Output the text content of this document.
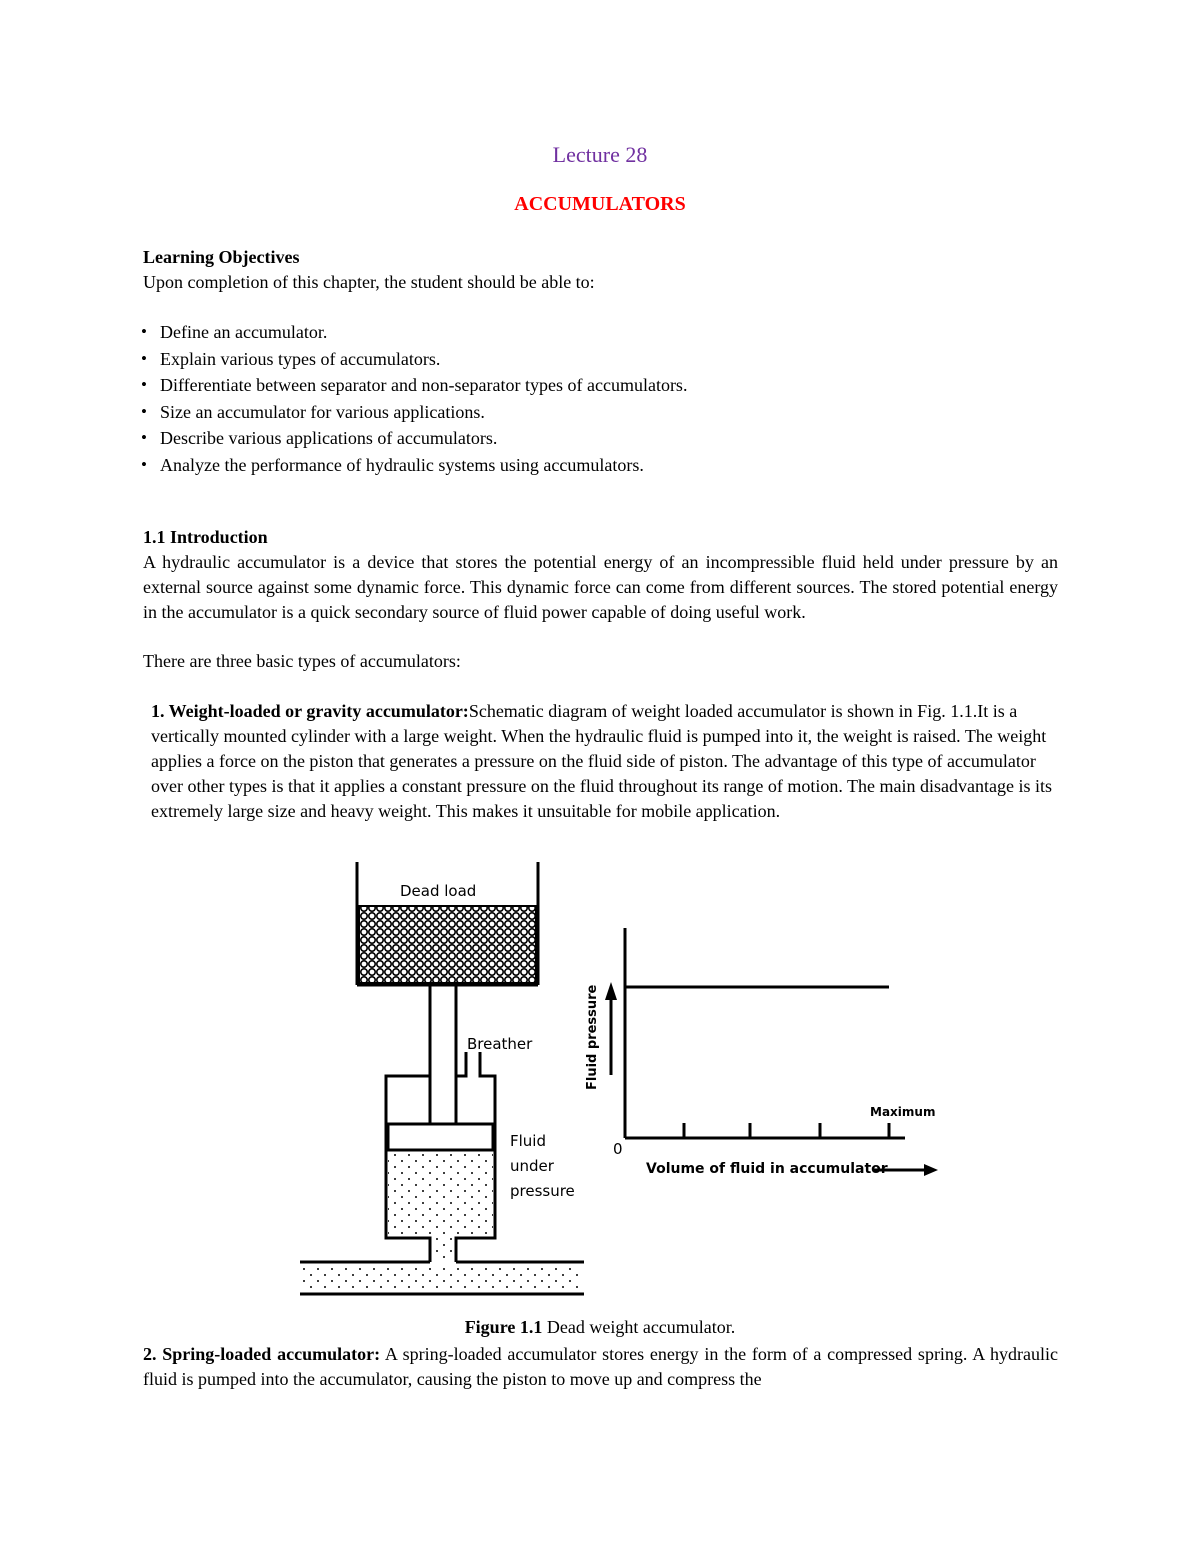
Lecture 28
ACCUMULATORS
Learning Objectives
Upon completion of this chapter, the student should be able to:
• Define an accumulator.
• Explain various types of accumulators.
• Differentiate between separator and non-separator types of accumulators.
• Size an accumulator for various applications.
• Describe various applications of accumulators.
• Analyze the performance of hydraulic systems using accumulators.
1.1 Introduction
A hydraulic accumulator is a device that stores the potential energy of an incompressible fluid held under pressure by an external source against some dynamic force. This dynamic force can come from different sources. The stored potential energy in the accumulator is a quick secondary source of fluid power capable of doing useful work.
There are three basic types of accumulators:
1. Weight-loaded or gravity accumulator:Schematic diagram of weight loaded accumulator is shown in Fig. 1.1.It is a vertically mounted cylinder with a large weight. When the hydraulic fluid is pumped into it, the weight is raised. The weight applies a force on the piston that generates a pressure on the fluid side of piston. The advantage of this type of accumulator over other types is that it applies a constant pressure on the fluid throughout its range of motion. The main disadvantage is its extremely large size and heavy weight. This makes it unsuitable for mobile application.
Fluid pressure
Dead load
Breather
Fluid
under
pressure
0
Maximum
Volume of fluid in accumulator
Figure 1.1 Dead weight accumulator.
2. Spring-loaded accumulator: A spring-loaded accumulator stores energy in the form of a compressed spring. A hydraulic fluid is pumped into the accumulator, causing the piston to move up and compress the
